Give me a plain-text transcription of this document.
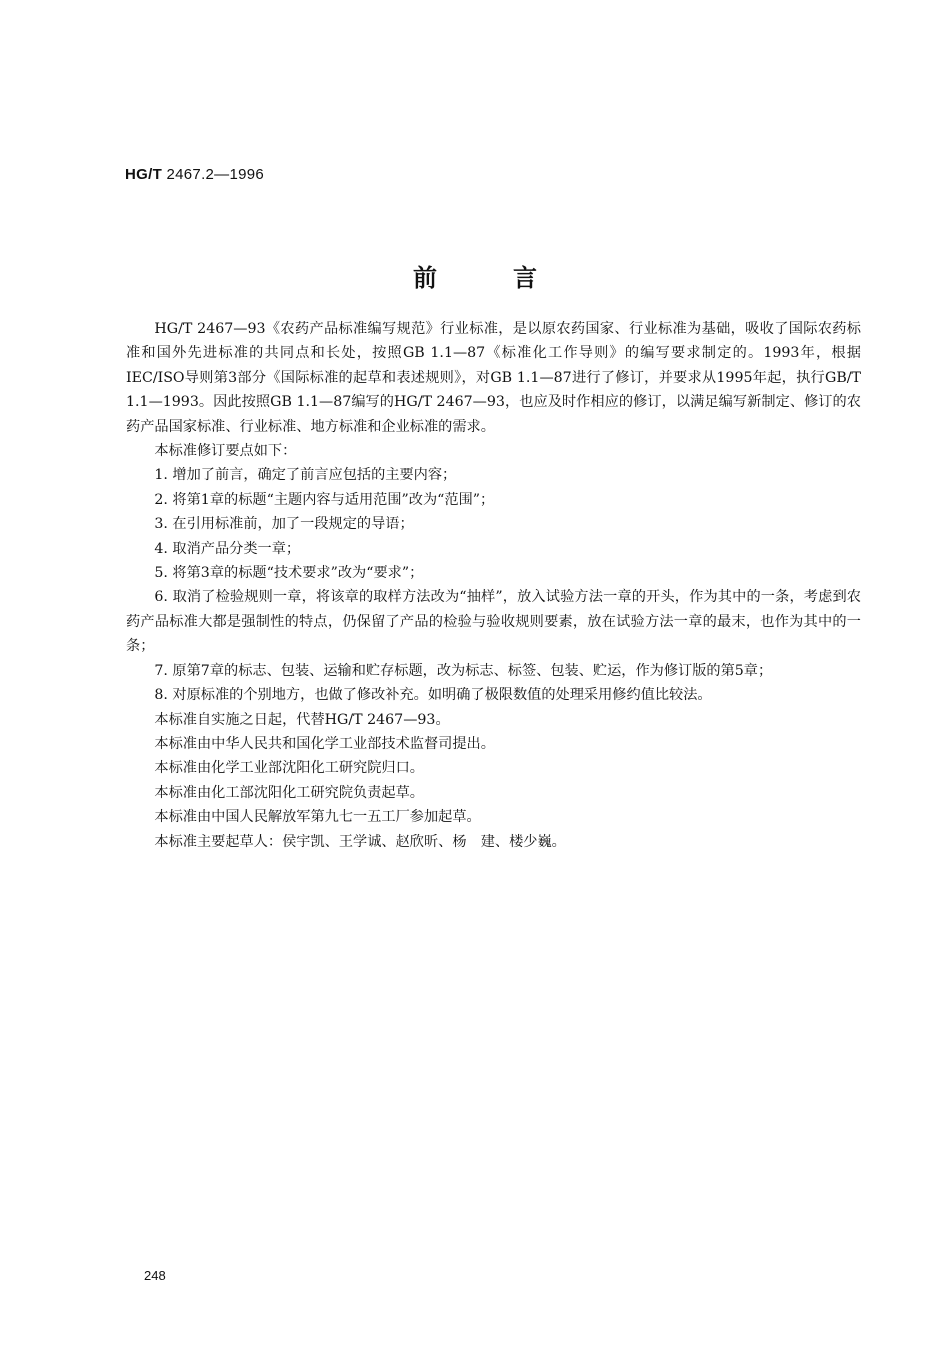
HG/T 2467.2—1996
前	言

HG/T 2467—93《农药产品标准编写规范》行业标准，是以原农药国家、行业标准为基础，吸收了国际农药标准和国外先进标准的共同点和长处，按照GB 1.1—87《标准化工作导则》的编写要求制定的。1993年，根据IEC/ISO导则第3部分《国际标准的起草和表述规则》，对GB 1.1—87进行了修订，并要求从1995年起，执行GB/T 1.1—1993。因此按照GB 1.1—87编写的HG/T 2467—93，也应及时作相应的修订，以满足编写新制定、修订的农药产品国家标准、行业标准、地方标准和企业标准的需求。

本标准修订要点如下：

1. 增加了前言，确定了前言应包括的主要内容；

2. 将第1章的标题“主题内容与适用范围”改为“范围”；

3. 在引用标准前，加了一段规定的导语；

4. 取消产品分类一章；

5. 将第3章的标题“技术要求”改为“要求”；

6. 取消了检验规则一章，将该章的取样方法改为“抽样”，放入试验方法一章的开头，作为其中的一条，考虑到农药产品标准大都是强制性的特点，仍保留了产品的检验与验收规则要素，放在试验方法一章的最末，也作为其中的一条；

7. 原第7章的标志、包装、运输和贮存标题，改为标志、标签、包装、贮运，作为修订版的第5章；

8. 对原标准的个别地方，也做了修改补充。如明确了极限数值的处理采用修约值比较法。

本标准自实施之日起，代替HG/T 2467—93。

本标准由中华人民共和国化学工业部技术监督司提出。

本标准由化学工业部沈阳化工研究院归口。

本标准由化工部沈阳化工研究院负责起草。

本标准由中国人民解放军第九七一五工厂参加起草。

本标准主要起草人：侯宇凯、王学诚、赵欣昕、杨　建、楼少巍。

248
